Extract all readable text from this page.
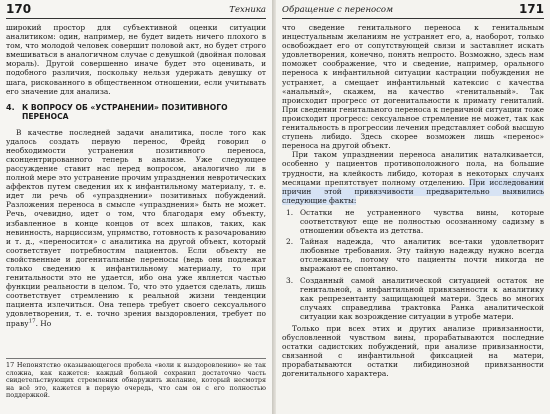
170	Техника

широкий простор для субъективной оценки ситуации аналитиком: один, например, не будет видеть ничего плохого в том, что молодой человек совершит половой акт, но будет строго вмешиваться в аналогичном случае с девушкой (двойная половая мораль). Другой совершенно иначе будет это оценивать, и подобного различия, поскольку нельзя удержать девушку от шага, рискованного в общественном отношении, если учитывать его значение для анализа.

4. К ВОПРОСУ ОБ «УСТРАНЕНИИ» ПОЗИТИВНОГО ПЕРЕНОСА

В качестве последней задачи аналитика, после того как удалось создать первую перенос, Фрейд говорил о необходимости устранения позитивного переноса, сконцентрированного теперь в анализе. Уже следующее рассуждение ставит нас перед вопросом, аналогично ли в полной мере это устранение прочим упразднения невротических аффектов путем сведения их к инфантильному материалу, т. е. идет ли речь об «упразднении» позитивных побуждений. Разложения переноса в смысле «упразднения» быть не может. Речь, очевидно, идет о том, что благодаря ему объекту, избавленное в конце концов от всех шлаков, таких, как невинность, нарциссизм, упрямство, готовность к разочарованию и т. д., «переносится» с аналитика на другой объект, который соответствует потребностям пациентов. Если объекту не свойственные и догенитальные переносы (ведь они подлежат только сведению к инфантильному материалу, то при генитальности это не удается, ибо она уже является частью функции реальности в целом. То, что это удается сделать, лишь соответствует стремлению к реальной жизни тенденции пациента излечиться. Она теперь требует своего сексуального удовлетворения, т. е. точно зрения выздоровления, требует по праву$^{17}$. Но

17 Непонятство оказывающегося пробела «воли к выздоровлению» не так сложна, как кажется: каждый больной сохранил достаточно часть свидетельствующих стремления обнаружить желание, который несмотря на всё это, кажется в первую очередь, что сам он с его полностью поддержкой.

Обращение с переносом	171

что сведение генитального переноса к генитальным инцестуальным желаниям не устраняет его, а, наоборот, только освобождает его от сопутствующей связи и заставляет искать удовлетворения, конечно, понять непросто. Возможно, здесь нам поможет соображение, что и сведение, например, орального переноса к инфантильной ситуации кастрации побуждения не устраняет, а смещает инфантильный катексис с качества «анальный», скажем, на качество «генитальный». Так происходит прогресс от догенитальности к примату гениталий. При сведении генитального переноса к первичной ситуации тоже происходит прогресс: сексуальное стремление не может, так как генитальность в прогрессии лечения представляет собой высшую ступень либидо. Здесь скорее возможен лишь «перенос» переноса на другой объект.

При таком упразднении переноса аналитик наталкивается, особенно у пациентов противоположного пола, на большие трудности, на клейкость либидо, которая в некоторых случаях месяцами препятствует полному отделению. При исследовании причин этой привязчивости предварительно выявились следующие факты:

1. Остатки не устраненного чувства вины, которые соответствуют еще не полностью осознанному садизму в отношении объекта из детства.
2. Тайная надежда, что аналитик все-таки удовлетворит любовные требования. Эту тайную надежду нужно всегда отслеживать, потому что пациенты почти никогда не выражают ее спонтанно.
3. Созданный самой аналитической ситуацией остаток не генитальной, а инфантильной привязанности к аналитику как репрезентанту защищающей матери. Здесь во многих случаях справедлива трактовка Ранка аналитической ситуации как возрождение ситуации в утробе матери.

Только при всех этих и других анализе привязанности, обусловленной чувством вины, прорабатываются последние остатки садистских побуждений, при анализе привязанности, связанной с инфантильной фиксацией на матери, прорабатываются остатки либидинозной привязанности догенитального характера.
